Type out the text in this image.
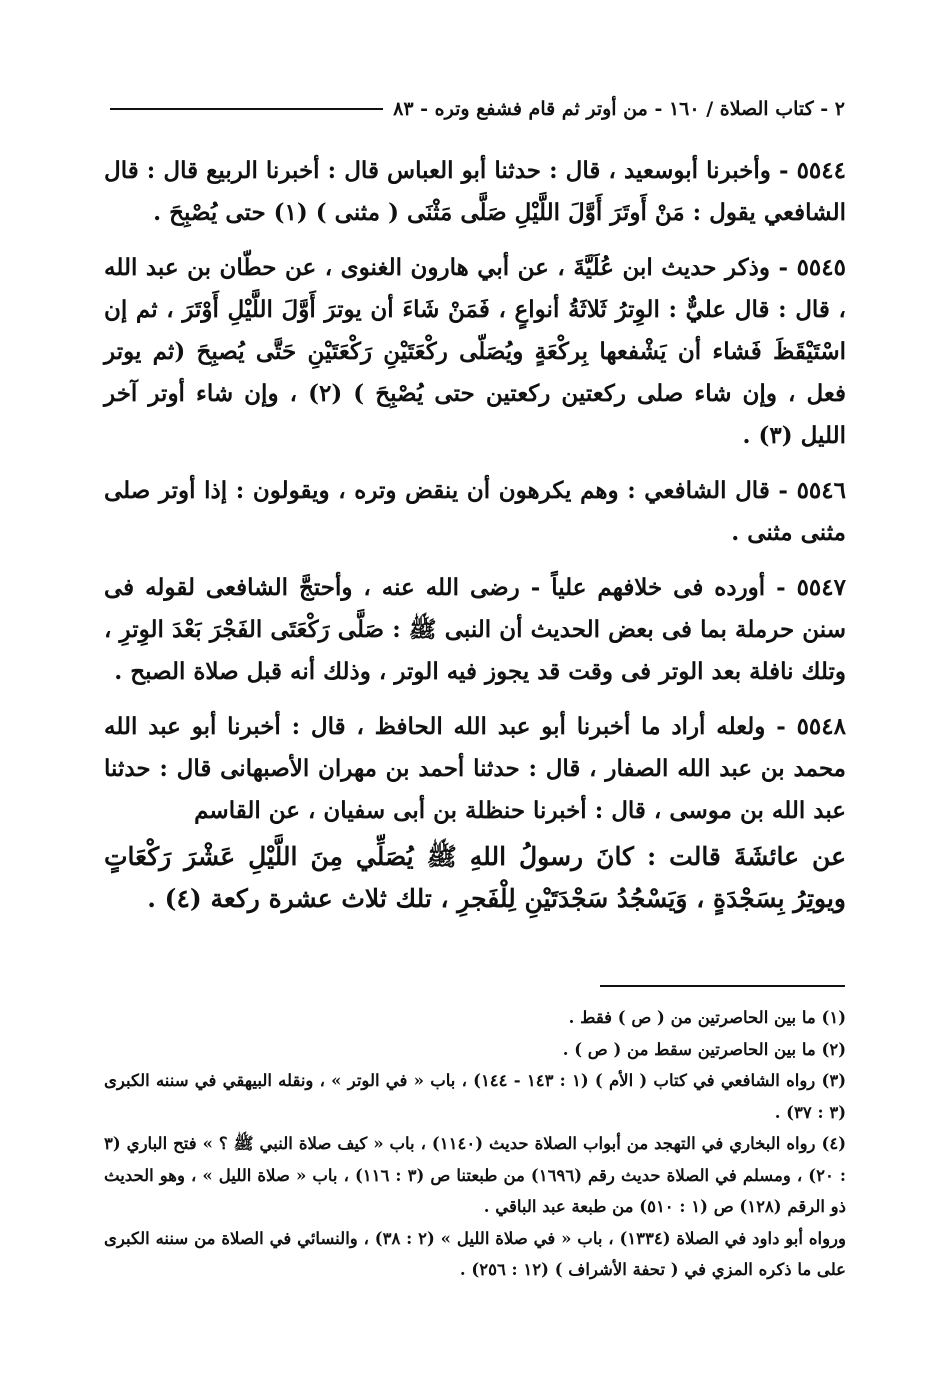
٢ - كتاب الصلاة / ١٦٠ - من أوتر ثم قام فشفع وتره - ٨٣

٥٥٤٤ - وأخبرنا أبوسعيد ، قال : حدثنا أبو العباس قال : أخبرنا الربيع قال : قال الشافعي يقول : مَنْ أَوتَرَ أَوَّلَ اللَّيْلِ صَلَّى مَثْنَى ( مثنى ) (١) حتى يُصْبِحَ .

٥٥٤٥ - وذكر حديث ابن عُلَيَّةَ ، عن أبي هارون الغنوى ، عن حطّان بن عبد الله ، قال : قال عليٌّ : الوِترُ ثَلاثَةُ أنواعٍ ، فَمَنْ شَاءَ أن يوترَ أَوَّلَ اللَّيْلِ أَوْتَرَ ، ثم إن اسْتَيْقَظَ فَشاء أن يَشْفعها بِركْعَةٍ ويُصَلّى ركْعَتَيْنِ رَكْعَتَيْنِ حَتَّى يُصبِحَ (ثم يوتر فعل ، وإن شاء صلى ركعتين ركعتين حتى يُصْبِحَ ) (٢) ، وإن شاء أوتر آخر الليل (٣) .

٥٥٤٦ - قال الشافعي : وهم يكرهون أن ينقض وتره ، ويقولون : إذا أوتر صلى مثنى مثنى .

٥٥٤٧ - أورده فى خلافهم علياً - رضى الله عنه ، وأحتجَّ الشافعى لقوله فى سنن حرملة بما فى بعض الحديث أن النبى ﷺ : صَلَّى رَكْعَتَى الفَجْرَ بَعْدَ الوِترِ ، وتلك نافلة بعد الوتر فى وقت قد يجوز فيه الوتر ، وذلك أنه قبل صلاة الصبح .

٥٥٤٨ - ولعله أراد ما أخبرنا أبو عبد الله الحافظ ، قال : أخبرنا أبو عبد الله محمد بن عبد الله الصفار ، قال : حدثنا أحمد بن مهران الأصبهانى قال : حدثنا عبد الله بن موسى ، قال : أخبرنا حنظلة بن أبى سفيان ، عن القاسم

عن عائشَةَ قالت : كانَ رسولُ اللهِ ﷺ يُصَلِّي مِنَ اللَّيْلِ عَشْرَ رَكْعَاتٍ ويوتِرُ بِسَجْدَةٍ ، وَيَسْجُدُ سَجْدَتَيْنِ لِلْفَجرِ ، تلك ثلاث عشرة ركعة (٤) .

(١) ما بين الحاصرتين من ( ص ) فقط .

(٢) ما بين الحاصرتين سقط من ( ص ) .

(٣) رواه الشافعي في كتاب ( الأم ) (١ : ١٤٣ - ١٤٤) ، باب « في الوتر » ، ونقله البيهقي في سننه الكبرى (٣ : ٣٧) .

(٤) رواه البخاري في التهجد من أبواب الصلاة حديث (١١٤٠) ، باب « كيف صلاة النبي ﷺ ؟ » فتح الباري (٣ : ٢٠) ، ومسلم في الصلاة حديث رقم (١٦٩٦) من طبعتنا ص (٣ : ١١٦) ، باب « صلاة الليل » ، وهو الحديث ذو الرقم (١٢٨) ص (١ : ٥١٠) من طبعة عبد الباقي .

ورواه أبو داود في الصلاة (١٣٣٤) ، باب « في صلاة الليل » (٢ : ٣٨) ، والنسائي في الصلاة من سننه الكبرى على ما ذكره المزي في ( تحفة الأشراف ) (١٢ : ٢٥٦) .
